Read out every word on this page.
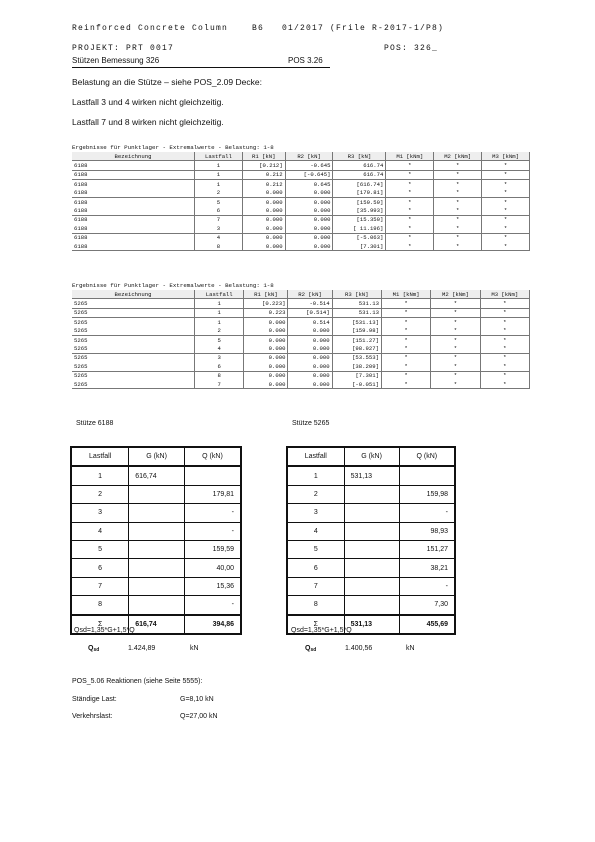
Reinforced Concrete Column    B6   01/2017 (Frile R-2017-1/P8)
PROJEKT: PRT 0017	POS: 326_
Stützen Bemessung 326	POS 3.26
Belastung an die Stütze – siehe POS_2.09 Decke:
Lastfall 3 und 4 wirken nicht gleichzeitig.
Lastfall 7 und 8 wirken nicht gleichzeitig.
Ergebnisse für Punktlager - Extremalwerte - Belastung: 1-8
Bezeichnung	Lastfall	R1 [kN]	R2 [kN]	R3 [kN]	M1 [kNm]	M2 [kNm]	M3 [kNm]
6188	1	[0.212]	-0.645	616.74	*	*	*
6188	1	0.212	[-0.645]	616.74	*	*	*
6188	1	0.212	0.645	[616.74]	*	*	*
6188	2	0.000	0.000	[179.81]	*	*	*
6188	5	0.000	0.000	[159.59]	*	*	*
6188	6	0.000	0.000	[35.993]	*	*	*
6188	7	0.000	0.000	[15.350]	*	*	*
6188	3	0.000	0.000	[ 11.196]	*	*	*
6188	4	0.000	0.000	[-5.063]	*	*	*
6188	8	0.000	0.000	[7.301]	*	*	*
Ergebnisse für Punktlager - Extremalwerte - Belastung: 1-8
Bezeichnung	Lastfall	R1 [kN]	R2 [kN]	R3 [kN]	M1 [kNm]	M2 [kNm]	M3 [kNm]
5265	1	[0.223]	-0.514	531.13	*	*	*
5265	1	0.223	[0.514]	531.13	*	*	*
5265	1	0.000	0.514	[531.13]	*	*	*
5265	2	0.000	0.000	[159.98]	*	*	*
5265	5	0.000	0.000	[151.27]	*	*	*
5265	4	0.000	0.000	[98.927]	*	*	*
5265	3	0.000	0.000	[53.553]	*	*	*
5265	6	0.000	0.000	[38.209]	*	*	*
5265	8	0.000	0.000	[7.301]	*	*	*
5265	7	0.000	0.000	[-0.051]	*	*	*
Stütze 6188	Stütze 5265
Lastfall	G (kN)	Q (kN)
1	616,74	
2		179,81
3		-
4		-
5		159,59
6		40,00
7		15,36
8		-
Σ	616,74	394,86
Lastfall	G (kN)	Q (kN)
1	531,13	
2		159,98
3		-
4		98,93
5		151,27
6		38,21
7		-
8		7,30
Σ	531,13	455,69
Qsd=1,35*G+1,5*Q	Qsd=1,35*G+1,5*Q
$Q_{sd}$	1.424,89	kN	$Q_{sd}$	1.400,56	kN
POS_5.06 Reaktionen (siehe Seite 5555):
Ständige Last:	G=8,10 kN
Verkehrslast:	Q=27,00 kN
